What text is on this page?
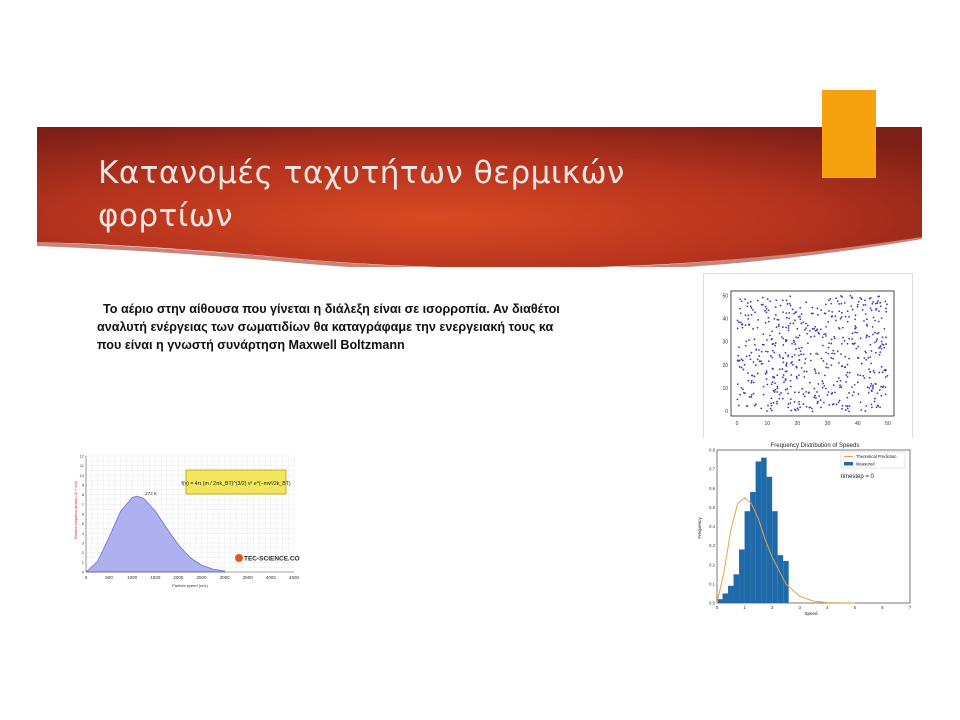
Κατανομές ταχυτήτων θερμικών
φορτίων
Το αέριο στην αίθουσα που γίνεται η διάλεξη είναι σε ισορροπία. Αν διαθέτοι
αναλυτή ενέργειας των σωματιδίων θα καταγράφαμε την ενεργειακή τους κα
που είναι η γνωστή συνάρτηση Maxwell Boltzmann
Relative frequency density (10⁻⁴ s/m)
Particle speed (m/s)
f(v) = 4π (m / 2πk_BT)^(3/2) v² e^(−mv²/2k_BT)
TEC-SCIENCE.COM
0	500	1000	1500	2000	2500	3000	3500	4000	4500
0
1
2
3
4
5
6
7
8
9
10
11
12
273 K
0	10	20	30	40	50
0
10
20
30
40
50
Frequency Distribution of Speeds
Speed
Frequency
Theoretical Prediction
Measured
timestep = 0
0	1	2	3	4	5	6	7
0.0
0.1
0.2
0.3
0.4
0.5
0.6
0.7
0.8
